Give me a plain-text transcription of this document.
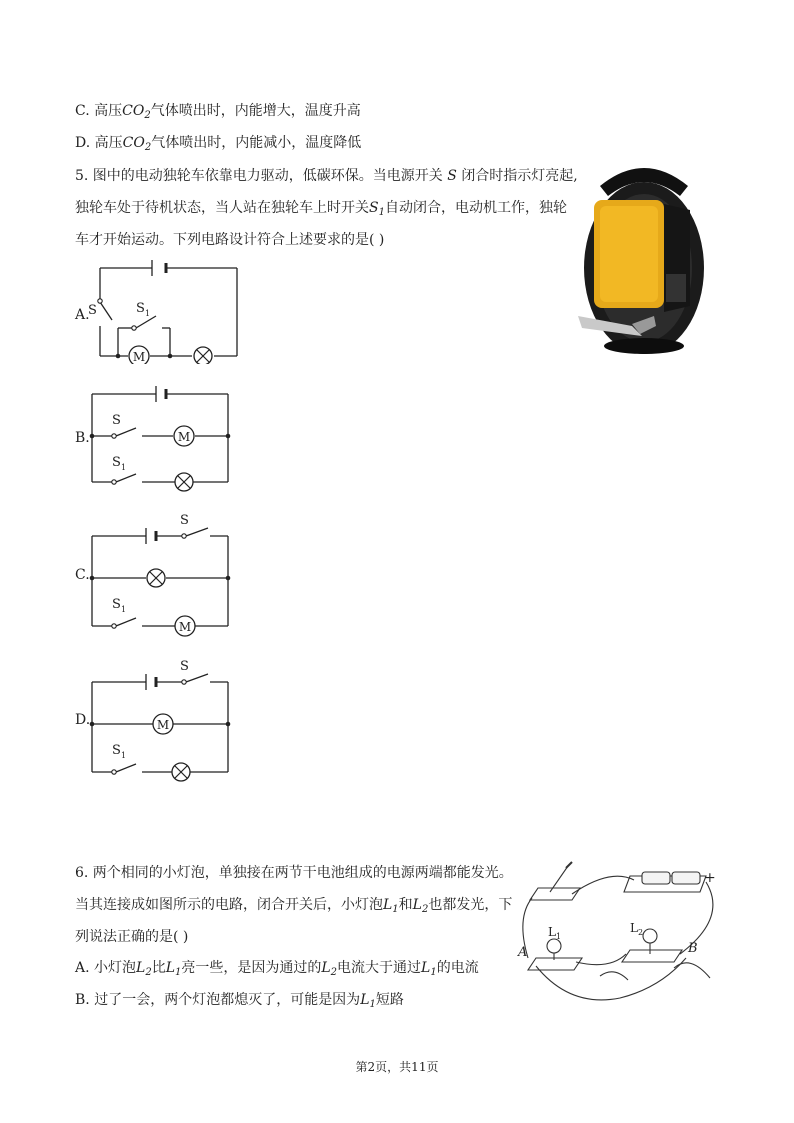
C. 高压$CO_2$气体喷出时，内能增大，温度升高
D. 高压$CO_2$气体喷出时，内能减小，温度降低
5. 图中的电动独轮车依靠电力驱动，低碳环保。当电源开关 S 闭合时指示灯亮起,
独轮车处于待机状态，当人站在独轮车上时开关$S_1$自动闭合，电动机工作，独轮
车才开始运动。下列电路设计符合上述要求的是( )
A.
B.
C.
D.
M
S	S 1
M
S
S 1
M
S
S 1
M
S
S 1
6. 两个相同的小灯泡，单独接在两节干电池组成的电源两端都能发光。
当其连接成如图所示的电路，闭合开关后，小灯泡$L_1$和$L_2$也都发光，下
列说法正确的是( )
A. 小灯泡$L_2$比$L_1$亮一些，是因为通过的$L_2$电流大于通过$L_1$的电流
B. 过了一会，两个灯泡都熄灭了，可能是因为$L_1$短路
+
L 1
L 2
A	B
第2页，共11页
